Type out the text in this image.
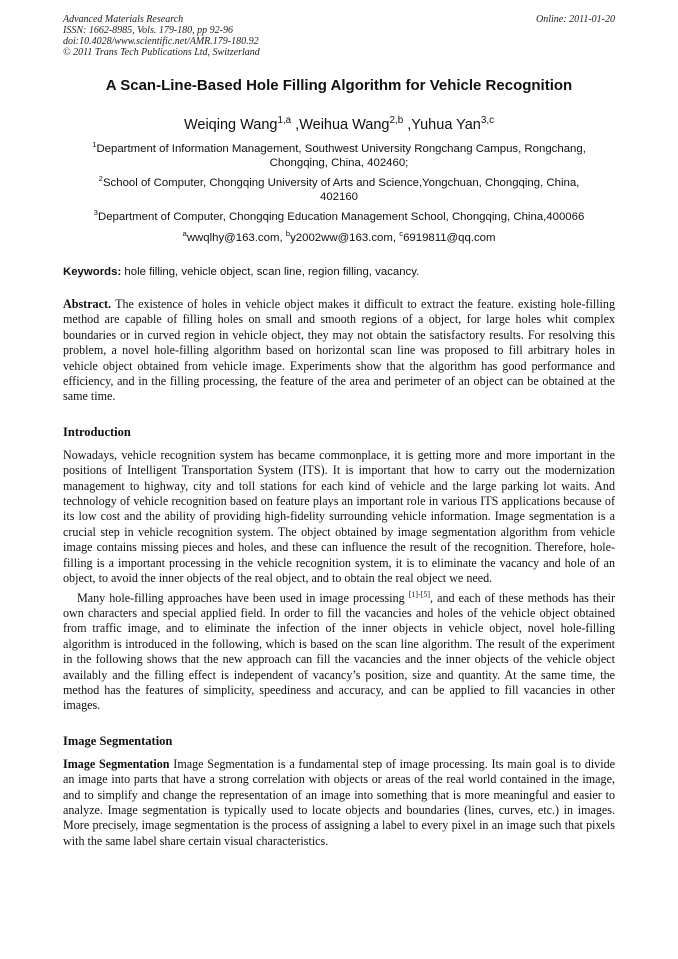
Advanced Materials Research
ISSN: 1662-8985, Vols. 179-180, pp 92-96
doi:10.4028/www.scientific.net/AMR.179-180.92
© 2011 Trans Tech Publications Ltd, Switzerland
Online: 2011-01-20
A Scan-Line-Based Hole Filling Algorithm for Vehicle Recognition
Weiqing Wang$^{1,a}$ ,Weihua Wang$^{2,b}$ ,Yuhua Yan$^{3,c}$
$^1$Department of Information Management, Southwest University Rongchang Campus, Rongchang,
Chongqing, China, 402460;
$^2$School of Computer, Chongqing University of Arts and Science,Yongchuan, Chongqing, China,
402160
$^3$Department of Computer, Chongqing Education Management School, Chongqing, China,400066
$^a$wwqlhy@163.com, $^b$y2002ww@163.com, $^c$6919811@qq.com
Keywords: hole filling, vehicle object, scan line, region filling, vacancy.
Abstract. The existence of holes in vehicle object makes it difficult to extract the feature. existing hole-filling method are capable of filling holes on small and smooth regions of a object, for large holes whit complex boundaries or in curved region in vehicle object, they may not obtain the satisfactory results. For resolving this problem, a novel hole-filling algorithm based on horizontal scan line was proposed to fill arbitrary holes in vehicle object obtained from vehicle image. Experiments show that the algorithm has good performance and efficiency, and in the filling processing, the feature of the area and perimeter of an object can be obtained at the same time.
Introduction
Nowadays, vehicle recognition system has became commonplace, it is getting more and more important in the positions of Intelligent Transportation System (ITS). It is important that how to carry out the modernization management to highway, city and toll stations for each kind of vehicle and the large parking lot waits. And technology of vehicle recognition based on feature plays an important role in various ITS applications because of its low cost and the ability of providing high-fidelity surrounding vehicle information. Image segmentation is a crucial step in vehicle recognition system. The object obtained by image segmentation algorithm from vehicle image contains missing pieces and holes, and these can influence the result of the recognition. Therefore, hole-filling is a important processing in the vehicle recognition system, it is to eliminate the vacancy and hole of an object, to avoid the inner objects of the real object, and to obtain the real object we need.
Many hole-filling approaches have been used in image processing [1]-[5], and each of these methods has their own characters and special applied field. In order to fill the vacancies and holes of the vehicle object obtained from traffic image, and to eliminate the infection of the inner objects in vehicle object, novel hole-filling algorithm is introduced in the following, which is based on the scan line algorithm. The result of the experiment in the following shows that the new approach can fill the vacancies and the inner objects of the vehicle object availably and the filling effect is independent of vacancy’s position, size and quantity. At the same time, the method has the features of simplicity, speediness and accuracy, and can be applied to fill vacancies in other images.
Image Segmentation
Image Segmentation Image Segmentation is a fundamental step of image processing. Its main goal is to divide an image into parts that have a strong correlation with objects or areas of the real world contained in the image, and to simplify and change the representation of an image into something that is more meaningful and easier to analyze. Image segmentation is typically used to locate objects and boundaries (lines, curves, etc.) in images. More precisely, image segmentation is the process of assigning a label to every pixel in an image such that pixels with the same label share certain visual characteristics.
